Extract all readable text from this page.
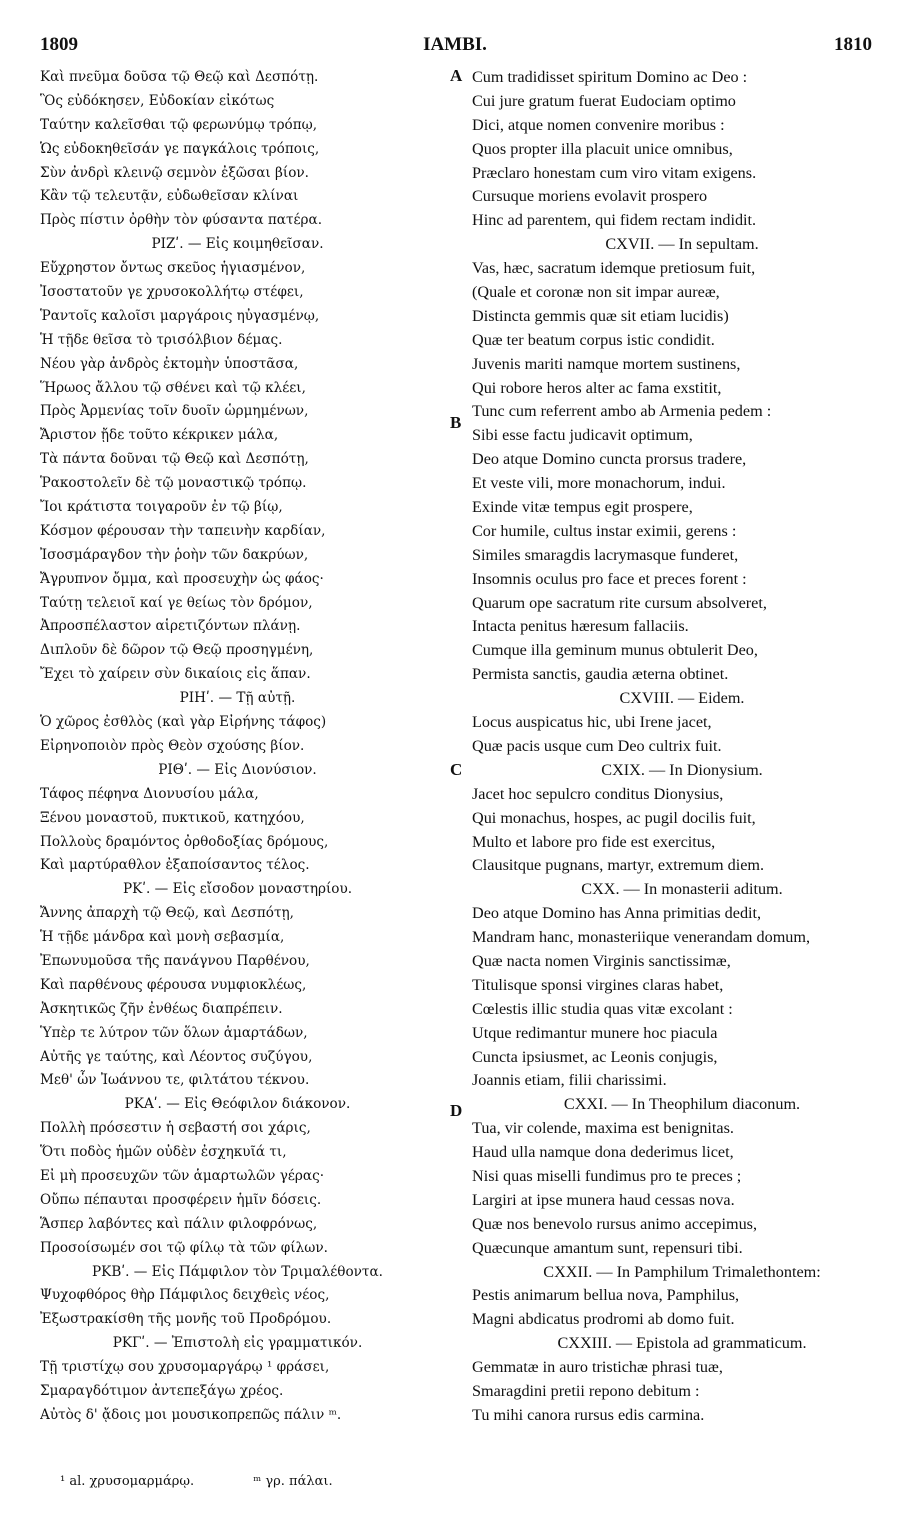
1809	IAMBI.	1810
Καὶ πνεῦμα δοῦσα τῷ Θεῷ καὶ Δεσπότῃ.
Ὃς εὐδόκησεν, Εὐδοκίαν εἰκότως
Ταύτην καλεῖσθαι τῷ φερωνύμῳ τρόπῳ,
Ὡς εὐδοκηθεῖσάν γε παγκάλοις τρόποις,
Σὺν ἀνδρὶ κλεινῷ σεμνὸν ἐξῶσαι βίον.
Κἂν τῷ τελευτᾷν, εὐδωθεῖσαν κλίναι
Πρὸς πίστιν ὀρθὴν τὸν φύσαντα πατέρα.
ΡΙΖʹ. — Εἰς κοιμηθεῖσαν.
Εὔχρηστον ὄντως σκεῦος ἡγιασμένον,
Ἰσοστατοῦν γε χρυσοκολλήτῳ στέφει,
Ῥαντοῖς καλοῖσι μαργάροις ηὐγασμένῳ,
Ἡ τῇδε θεῖσα τὸ τρισόλβιον δέμας.
Νέου γὰρ ἀνδρὸς ἐκτομὴν ὑποστᾶσα,
Ἥρωος ἄλλου τῷ σθένει καὶ τῷ κλέει,
Πρὸς Ἀρμενίας τοῖν δυοῖν ὡρμημένων,
Ἄριστον ᾔδε τοῦτο κέκρικεν μάλα,
Τὰ πάντα δοῦναι τῷ Θεῷ καὶ Δεσπότῃ,
Ῥακοστολεῖν δὲ τῷ μοναστικῷ τρόπῳ.
Ἴοι κράτιστα τοιγαροῦν ἐν τῷ βίῳ,
Κόσμον φέρουσαν τὴν ταπεινὴν καρδίαν,
Ἰσοσμάραγδον τὴν ῥοὴν τῶν δακρύων,
Ἄγρυπνον ὄμμα, καὶ προσευχὴν ὡς φάος·
Ταύτῃ τελειοῖ καί γε θείως τὸν δρόμον,
Ἀπροσπέλαστον αἱρετιζόντων πλάνῃ.
Διπλοῦν δὲ δῶρον τῷ Θεῷ προσηγμένη,
Ἔχει τὸ χαίρειν σὺν δικαίοις εἰς ἅπαν.
ΡΙΗʹ. — Τῇ αὐτῇ.
Ὁ χῶρος ἐσθλὸς (καὶ γὰρ Εἰρήνης τάφος)
Εἰρηνοποιὸν πρὸς Θεὸν σχούσης βίον.
ΡΙΘʹ. — Εἰς Διονύσιον.
Τάφος πέφηνα Διονυσίου μάλα,
Ξένου μοναστοῦ, πυκτικοῦ, κατηχόου,
Πολλοὺς δραμόντος ὀρθοδοξίας δρόμους,
Καὶ μαρτύραθλον ἐξαποίσαντος τέλος.
ΡΚʹ. — Εἰς εἴσοδον μοναστηρίου.
Ἄννης ἀπαρχὴ τῷ Θεῷ, καὶ Δεσπότῃ,
Ἡ τῇδε μάνδρα καὶ μονὴ σεβασμία,
Ἐπωνυμοῦσα τῆς πανάγνου Παρθένου,
Καὶ παρθένους φέρουσα νυμφιοκλέως,
Ἀσκητικῶς ζῆν ἐνθέως διαπρέπειν.
Ὑπὲρ τε λύτρον τῶν ὅλων ἁμαρτάδων,
Αὐτῆς γε ταύτης, καὶ Λέοντος συζύγου,
Μεθ' ὧν Ἰωάννου τε, φιλτάτου τέκνου.
ΡΚΑʹ. — Εἰς Θεόφιλον διάκονον.
Πολλὴ πρόσεστιν ἡ σεβαστή σοι χάρις,
Ὅτι ποδὸς ἡμῶν οὐδὲν ἐσχηκυῖά τι,
Εἰ μὴ προσευχῶν τῶν ἁμαρτωλῶν γέρας·
Οὔπω πέπαυται προσφέρειν ἡμῖν δόσεις.
Ἅσπερ λαβόντες καὶ πάλιν φιλοφρόνως,
Προσοίσωμέν σοι τῷ φίλῳ τὰ τῶν φίλων.
ΡΚΒʹ. — Εἰς Πάμφιλον τὸν Τριμαλέθοντα.
Ψυχοφθόρος θὴρ Πάμφιλος δειχθεὶς νέος,
Ἐξωστρακίσθη τῆς μονῆς τοῦ Προδρόμου.
ΡΚΓʹ. — Ἐπιστολὴ εἰς γραμματικόν.
Τῇ τριστίχῳ σου χρυσομαργάρῳ ¹ φράσει,
Σμαραγδότιμον ἀντεπεξάγω χρέος.
Αὐτὸς δ' ᾄδοις μοι μουσικοπρεπῶς πάλιν ᵐ.
Cum tradidisset spiritum Domino ac Deo :
Cui jure gratum fuerat Eudociam optimo
Dici, atque nomen convenire moribus :
Quos propter illa placuit unice omnibus,
Præclaro honestam cum viro vitam exigens.
Cursuque moriens evolavit prospero
Hinc ad parentem, qui fidem rectam indidit.
CXVII. — In sepultam.
Vas, hæc, sacratum idemque pretiosum fuit,
(Quale et coronæ non sit impar aureæ,
Distincta gemmis quæ sit etiam lucidis)
Quæ ter beatum corpus istic condidit.
Juvenis mariti namque mortem sustinens,
Qui robore heros alter ac fama exstitit,
Tunc cum referrent ambo ab Armenia pedem :
Sibi esse factu judicavit optimum,
Deo atque Domino cuncta prorsus tradere,
Et veste vili, more monachorum, indui.
Exinde vitæ tempus egit prospere,
Cor humile, cultus instar eximii, gerens :
Similes smaragdis lacrymasque funderet,
Insomnis oculus pro face et preces forent :
Quarum ope sacratum rite cursum absolveret,
Intacta penitus hæresum fallaciis.
Cumque illa geminum munus obtulerit Deo,
Permista sanctis, gaudia æterna obtinet.
CXVIII. — Eidem.
Locus auspicatus hic, ubi Irene jacet,
Quæ pacis usque cum Deo cultrix fuit.
CXIX. — In Dionysium.
Jacet hoc sepulcro conditus Dionysius,
Qui monachus, hospes, ac pugil docilis fuit,
Multo et labore pro fide est exercitus,
Clausitque pugnans, martyr, extremum diem.
CXX. — In monasterii aditum.
Deo atque Domino has Anna primitias dedit,
Mandram hanc, monasteriique venerandam domum,
Quæ nacta nomen Virginis sanctissimæ,
Titulisque sponsi virgines claras habet,
Cœlestis illic studia quas vitæ excolant :
Utque redimantur munere hoc piacula
Cuncta ipsiusmet, ac Leonis conjugis,
Joannis etiam, filii charissimi.
CXXI. — In Theophilum diaconum.
Tua, vir colende, maxima est benignitas.
Haud ulla namque dona dederimus licet,
Nisi quas miselli fundimus pro te preces ;
Largiri at ipse munera haud cessas nova.
Quæ nos benevolo rursus animo accepimus,
Quæcunque amantum sunt, repensuri tibi.
CXXII. — In Pamphilum Trimalethontem:
Pestis animarum bellua nova, Pamphilus,
Magni abdicatus prodromi ab domo fuit.
CXXIII. — Epistola ad grammaticum.
Gemmatæ in auro tristichæ phrasi tuæ,
Smaragdini pretii repono debitum :
Tu mihi canora rursus edis carmina.
A
B
C
D
¹ al. χρυσομαρμάρῳ.	ᵐ γρ. πάλαι.
